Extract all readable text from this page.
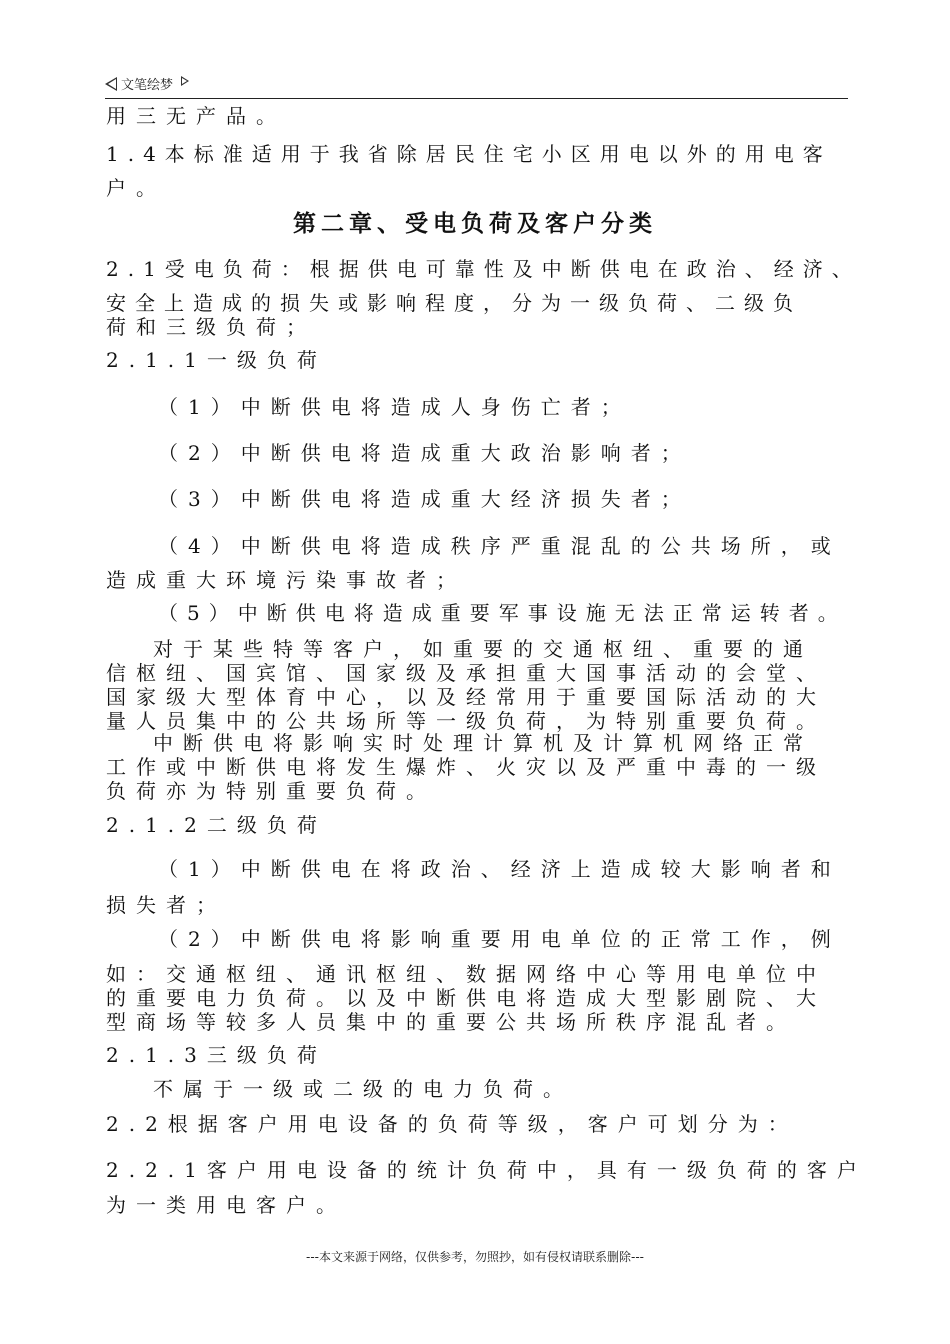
文笔绘梦
用三无产品。
1.4本标准适用于我省除居民住宅小区用电以外的用电客
户。
第二章、受电负荷及客户分类
2.1受电负荷：根据供电可靠性及中断供电在政治、经济、
安全上造成的损失或影响程度，分为一级负荷、二级负
荷和三级负荷；
2.1.1一级负荷
（1）中断供电将造成人身伤亡者；
（2）中断供电将造成重大政治影响者；
（3）中断供电将造成重大经济损失者；
（4）中断供电将造成秩序严重混乱的公共场所，或
造成重大环境污染事故者；
（5）中断供电将造成重要军事设施无法正常运转者。
对于某些特等客户，如重要的交通枢纽、重要的通
信枢纽、国宾馆、国家级及承担重大国事活动的会堂、
国家级大型体育中心，以及经常用于重要国际活动的大
量人员集中的公共场所等一级负荷，为特别重要负荷。
中断供电将影响实时处理计算机及计算机网络正常
工作或中断供电将发生爆炸、火灾以及严重中毒的一级
负荷亦为特别重要负荷。
2.1.2二级负荷
（1）中断供电在将政治、经济上造成较大影响者和
损失者；
（2）中断供电将影响重要用电单位的正常工作，例
如：交通枢纽、通讯枢纽、数据网络中心等用电单位中
的重要电力负荷。以及中断供电将造成大型影剧院、大
型商场等较多人员集中的重要公共场所秩序混乱者。
2.1.3三级负荷
不属于一级或二级的电力负荷。
2.2根据客户用电设备的负荷等级，客户可划分为：
2.2.1客户用电设备的统计负荷中，具有一级负荷的客户
为一类用电客户。
---本文来源于网络，仅供参考，勿照抄，如有侵权请联系删除---
